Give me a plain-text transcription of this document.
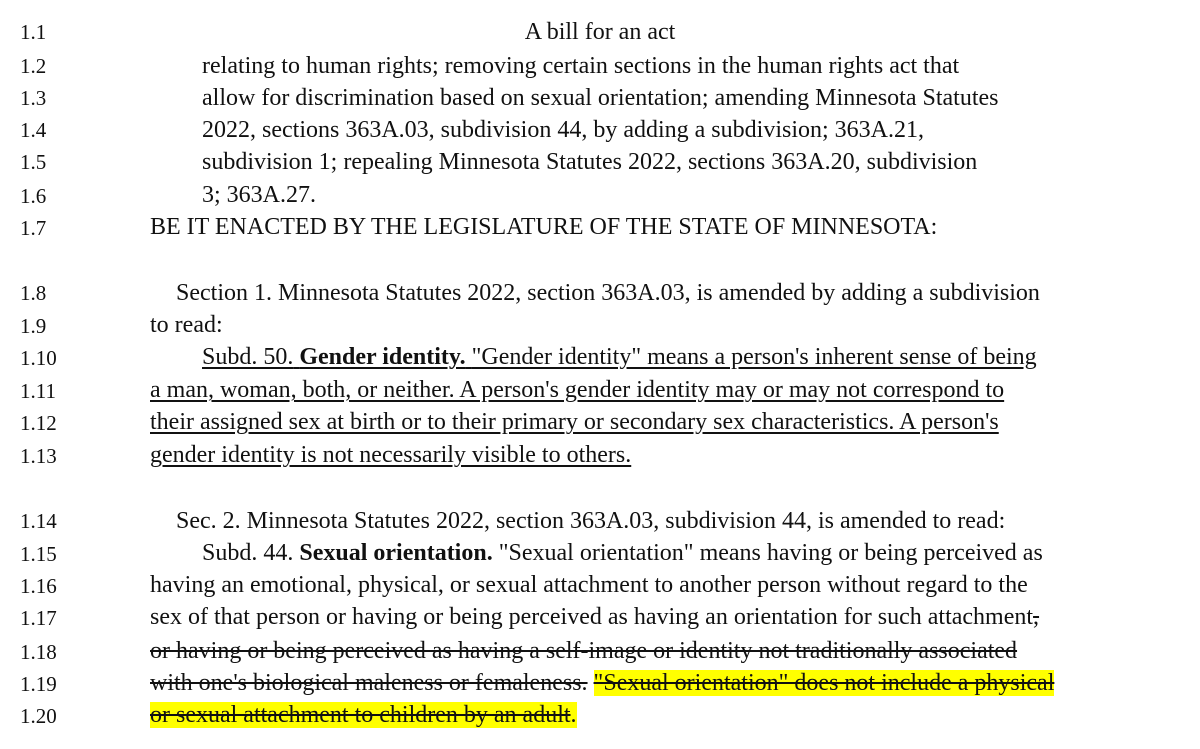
1.1
1.2
1.3
1.4
1.5
1.6
1.7
1.8
1.9
1.10
1.11
1.12
1.13
1.14
1.15
1.16
1.17
1.18
1.19
1.20
A bill for an act
relating to human rights; removing certain sections in the human rights act that
allow for discrimination based on sexual orientation; amending Minnesota Statutes
2022, sections 363A.03, subdivision 44, by adding a subdivision; 363A.21,
subdivision 1; repealing Minnesota Statutes 2022, sections 363A.20, subdivision
3; 363A.27.
BE IT ENACTED BY THE LEGISLATURE OF THE STATE OF MINNESOTA:
Section 1. Minnesota Statutes 2022, section 363A.03, is amended by adding a subdivision
to read:
Subd. 50. Gender identity. "Gender identity" means a person's inherent sense of being
a man, woman, both, or neither. A person's gender identity may or may not correspond to
their assigned sex at birth or to their primary or secondary sex characteristics. A person's
gender identity is not necessarily visible to others.
Sec. 2. Minnesota Statutes 2022, section 363A.03, subdivision 44, is amended to read:
Subd. 44. Sexual orientation. "Sexual orientation" means having or being perceived as
having an emotional, physical, or sexual attachment to another person without regard to the
sex of that person or having or being perceived as having an orientation for such attachment,
or having or being perceived as having a self-image or identity not traditionally associated
with one's biological maleness or femaleness. "Sexual orientation" does not include a physical
or sexual attachment to children by an adult.
